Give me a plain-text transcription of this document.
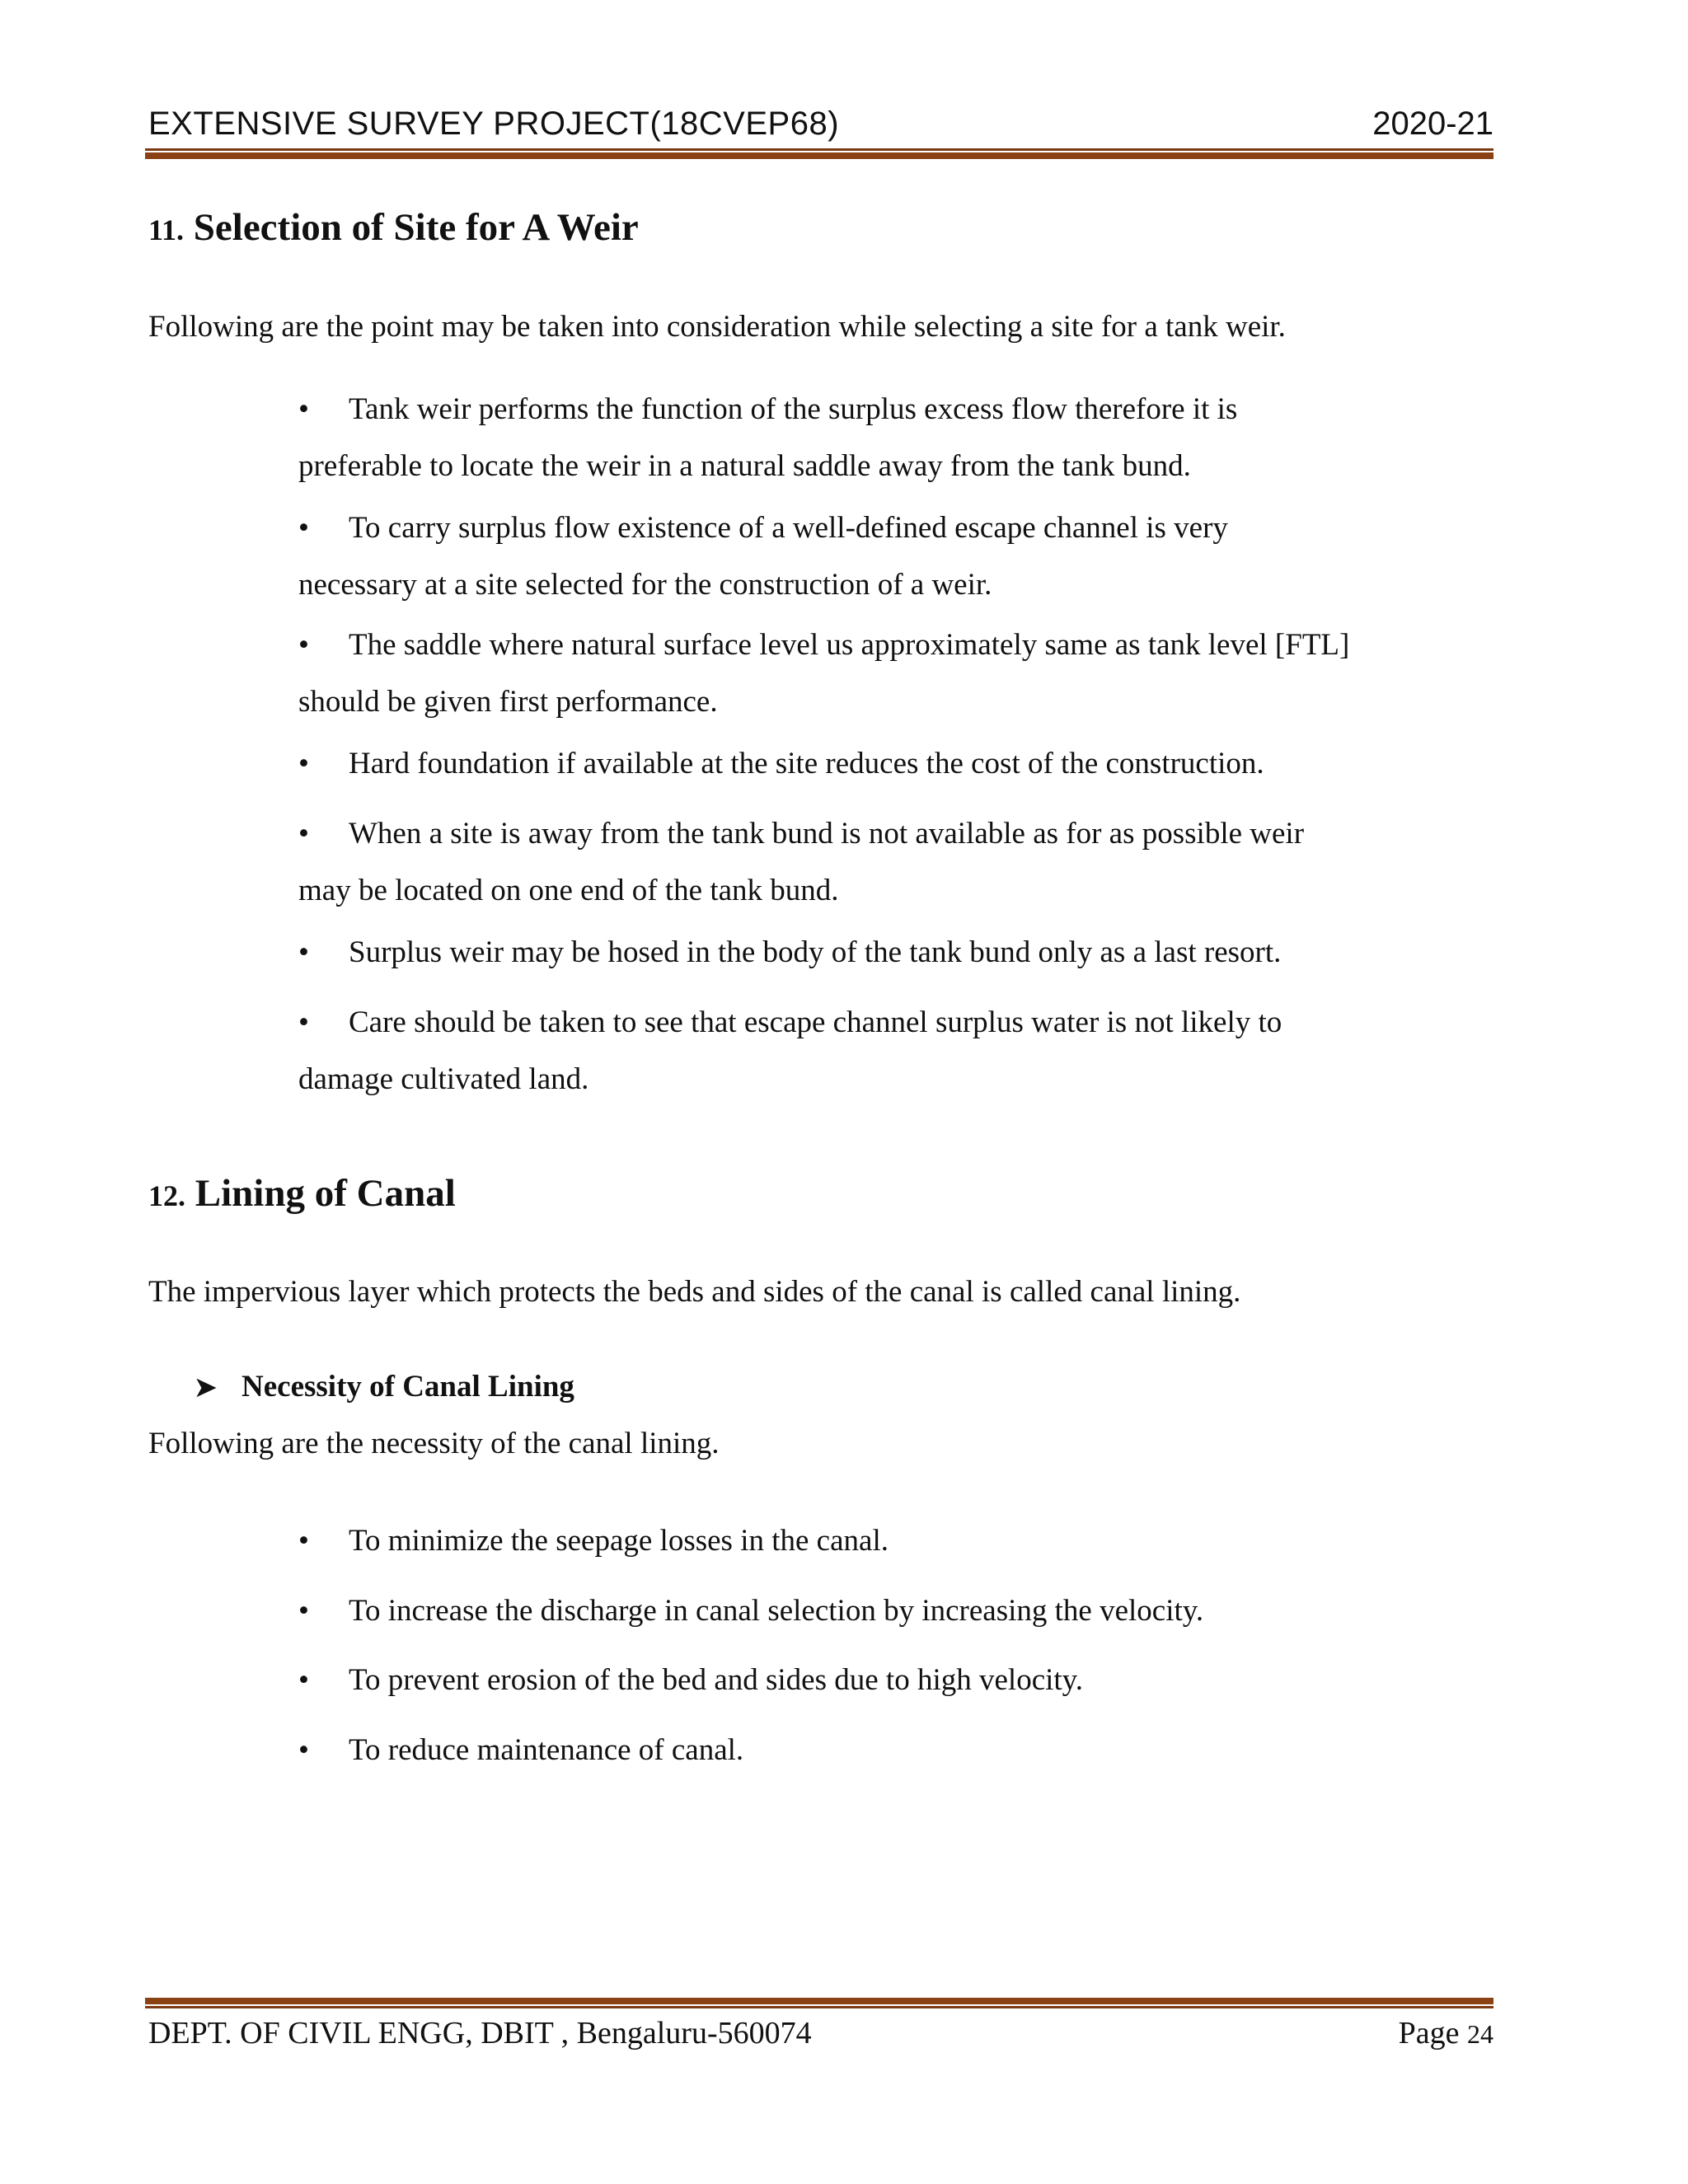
EXTENSIVE SURVEY PROJECT(18CVEP68)	2020-21
11. Selection of Site for A Weir
Following are the point may be taken into consideration while selecting a site for a tank weir.
• Tank weir performs the function of the surplus excess flow therefore it is
preferable to locate the weir in a natural saddle away from the tank bund.
• To carry surplus flow existence of a well-defined escape channel is very
necessary at a site selected for the construction of a weir.
• The saddle where natural surface level us approximately same as tank level [FTL]
should be given first performance.
• Hard foundation if available at the site reduces the cost of the construction.
• When a site is away from the tank bund is not available as for as possible weir
may be located on one end of the tank bund.
• Surplus weir may be hosed in the body of the tank bund only as a last resort.
• Care should be taken to see that escape channel surplus water is not likely to
damage cultivated land.
12. Lining of Canal
The impervious layer which protects the beds and sides of the canal is called canal lining.
➤ Necessity of Canal Lining
Following are the necessity of the canal lining.
• To minimize the seepage losses in the canal.
• To increase the discharge in canal selection by increasing the velocity.
• To prevent erosion of the bed and sides due to high velocity.
• To reduce maintenance of canal.
DEPT. OF CIVIL ENGG, DBIT , Bengaluru-560074	Page 24
